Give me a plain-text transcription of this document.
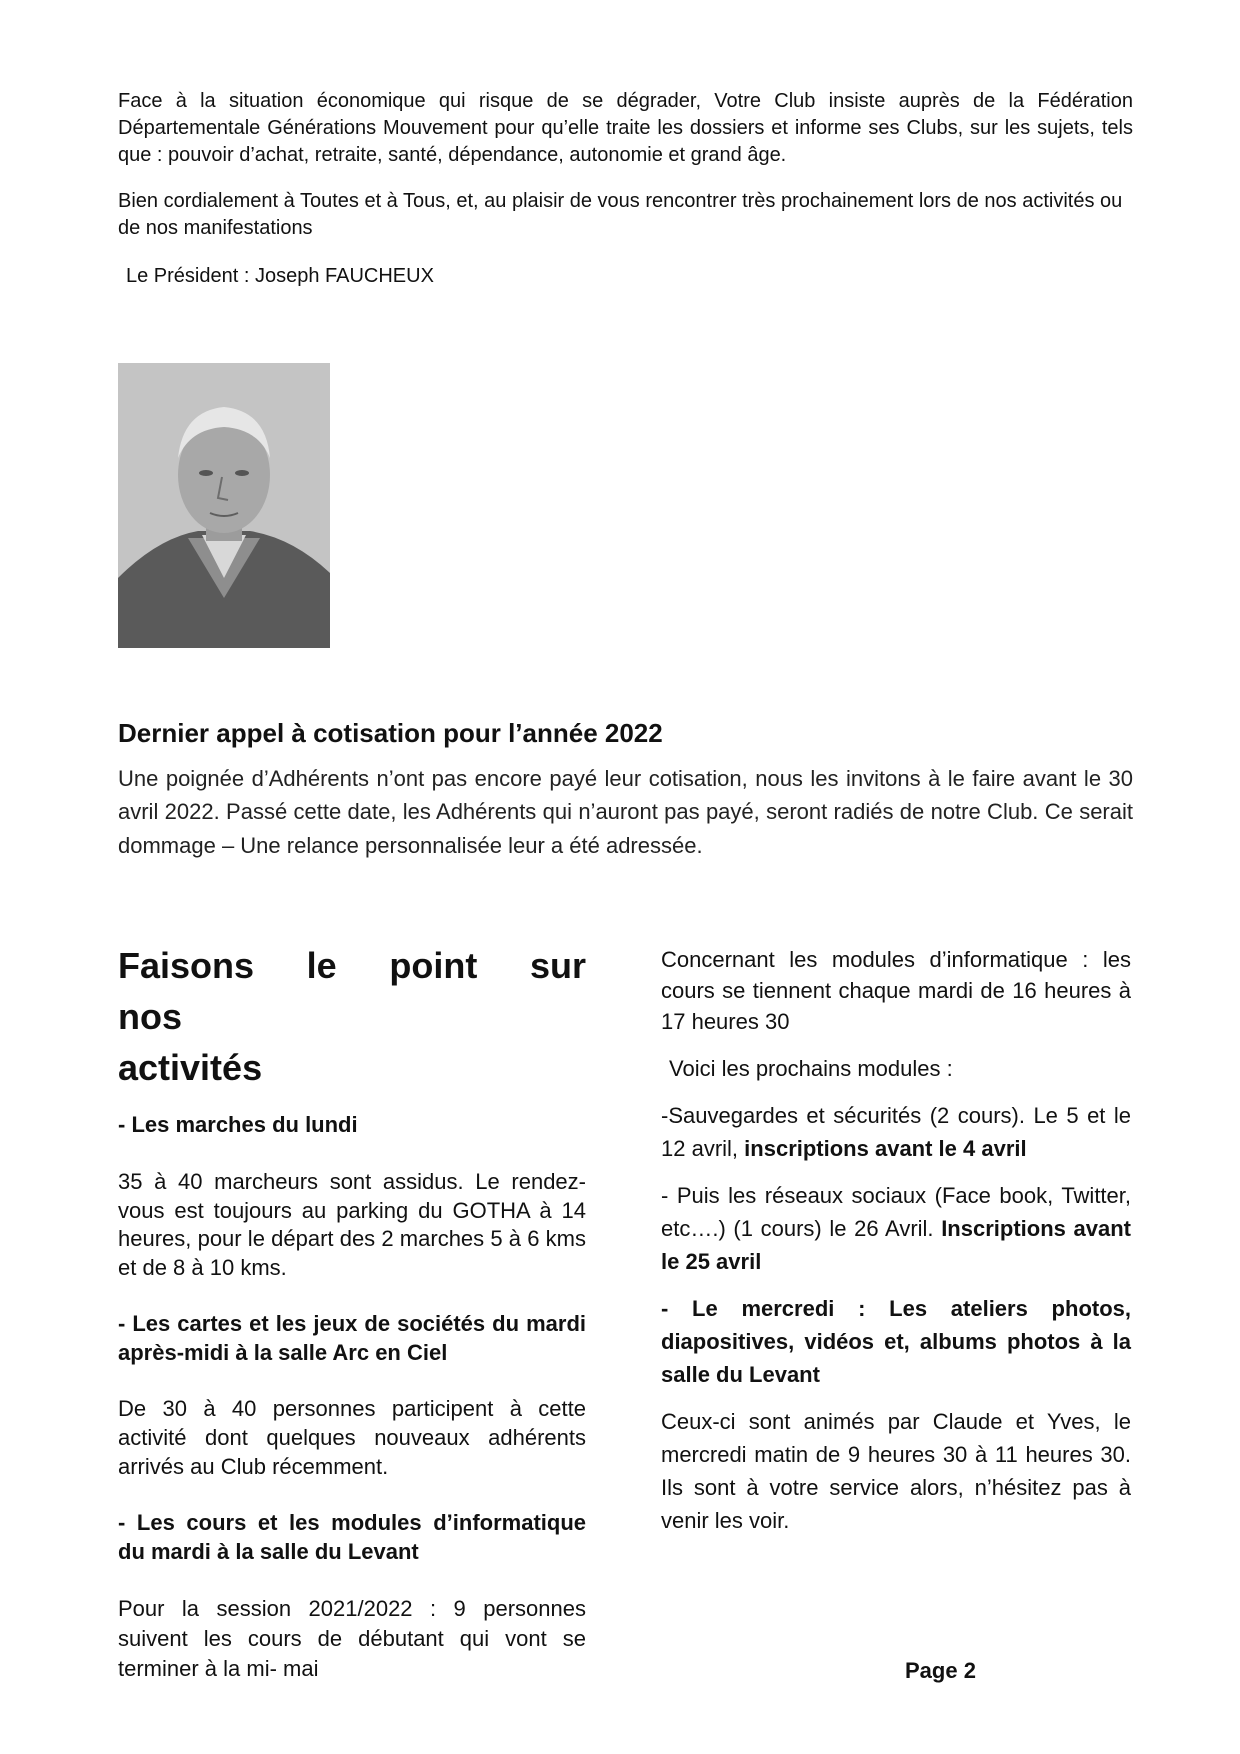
Face à la situation économique qui risque de se dégrader, Votre Club insiste auprès de la Fédération Départementale Générations Mouvement pour qu’elle traite les dossiers et informe ses Clubs, sur les sujets, tels que : pouvoir d’achat, retraite, santé, dépendance, autonomie et grand âge.

Bien cordialement à Toutes et à Tous, et, au plaisir de vous rencontrer très prochainement lors de nos activités ou de nos manifestations

Le Président : Joseph FAUCHEUX
Dernier appel à cotisation pour l’année 2022

Une poignée d’Adhérents n’ont pas encore payé leur cotisation, nous les invitons à le faire avant le 30 avril 2022. Passé cette date, les Adhérents qui n’auront pas payé, seront radiés de notre Club. Ce serait dommage – Une relance personnalisée leur a été adressée.

Faisons le point sur nos
activités

- Les marches du lundi

35 à 40 marcheurs sont assidus. Le rendez-vous est toujours au parking du GOTHA à 14 heures, pour le départ des 2 marches 5 à 6 kms et de 8 à 10 kms.

- Les cartes et les jeux de sociétés du mardi après-midi à la salle Arc en Ciel

De 30 à 40 personnes participent à cette activité dont quelques nouveaux adhérents arrivés au Club récemment.

- Les cours et les modules d’informatique du mardi à la salle du Levant

Pour la session 2021/2022 : 9 personnes suivent les cours de débutant qui vont se terminer à la mi- mai

Concernant les modules d’informatique : les cours se tiennent chaque mardi de 16 heures à 17 heures 30

Voici les prochains modules :

-Sauvegardes et sécurités (2 cours). Le 5 et le 12 avril, inscriptions avant le 4 avril

- Puis les réseaux sociaux (Face book, Twitter, etc….) (1 cours) le 26 Avril. Inscriptions avant le 25 avril

- Le mercredi : Les ateliers photos, diapositives, vidéos et, albums photos à la salle du Levant

Ceux-ci sont animés par Claude et Yves, le mercredi matin de 9 heures 30 à 11 heures 30. Ils sont à votre service alors, n’hésitez pas à venir les voir.

Page 2
